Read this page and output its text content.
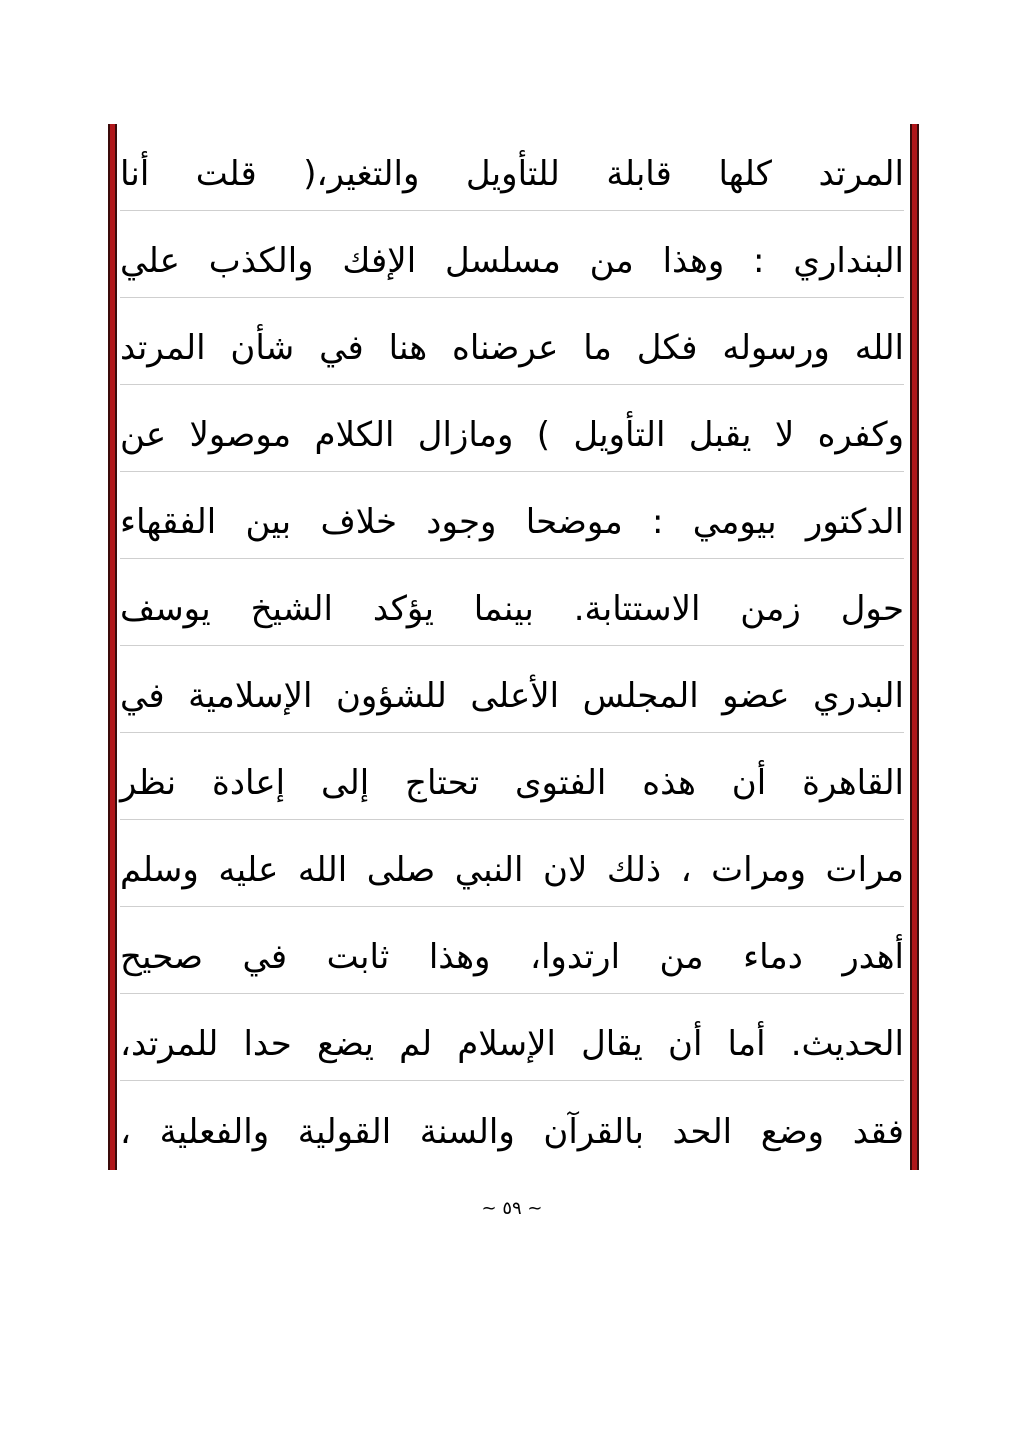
المرتد كلها قابلة للتأويل والتغير،( قلت أنا
البنداري : وهذا من مسلسل الإفك والكذب علي
الله ورسوله فكل ما عرضناه هنا في شأن المرتد
وكفره لا يقبل التأويل ) ومازال الكلام موصولا عن
الدكتور بيومي : موضحا وجود خلاف بين الفقهاء
حول زمن الاستتابة. بينما يؤكد الشيخ يوسف
البدري عضو المجلس الأعلى للشؤون الإسلامية في
القاهرة أن هذه الفتوى تحتاج إلى إعادة نظر
مرات ومرات ، ذلك لان النبي صلى الله عليه وسلم
أهدر دماء من ارتدوا، وهذا ثابت في صحيح
الحديث. أما أن يقال الإسلام لم يضع حدا للمرتد،
فقد وضع الحد بالقرآن والسنة القولية والفعلية ،
~ ٥٩ ~
